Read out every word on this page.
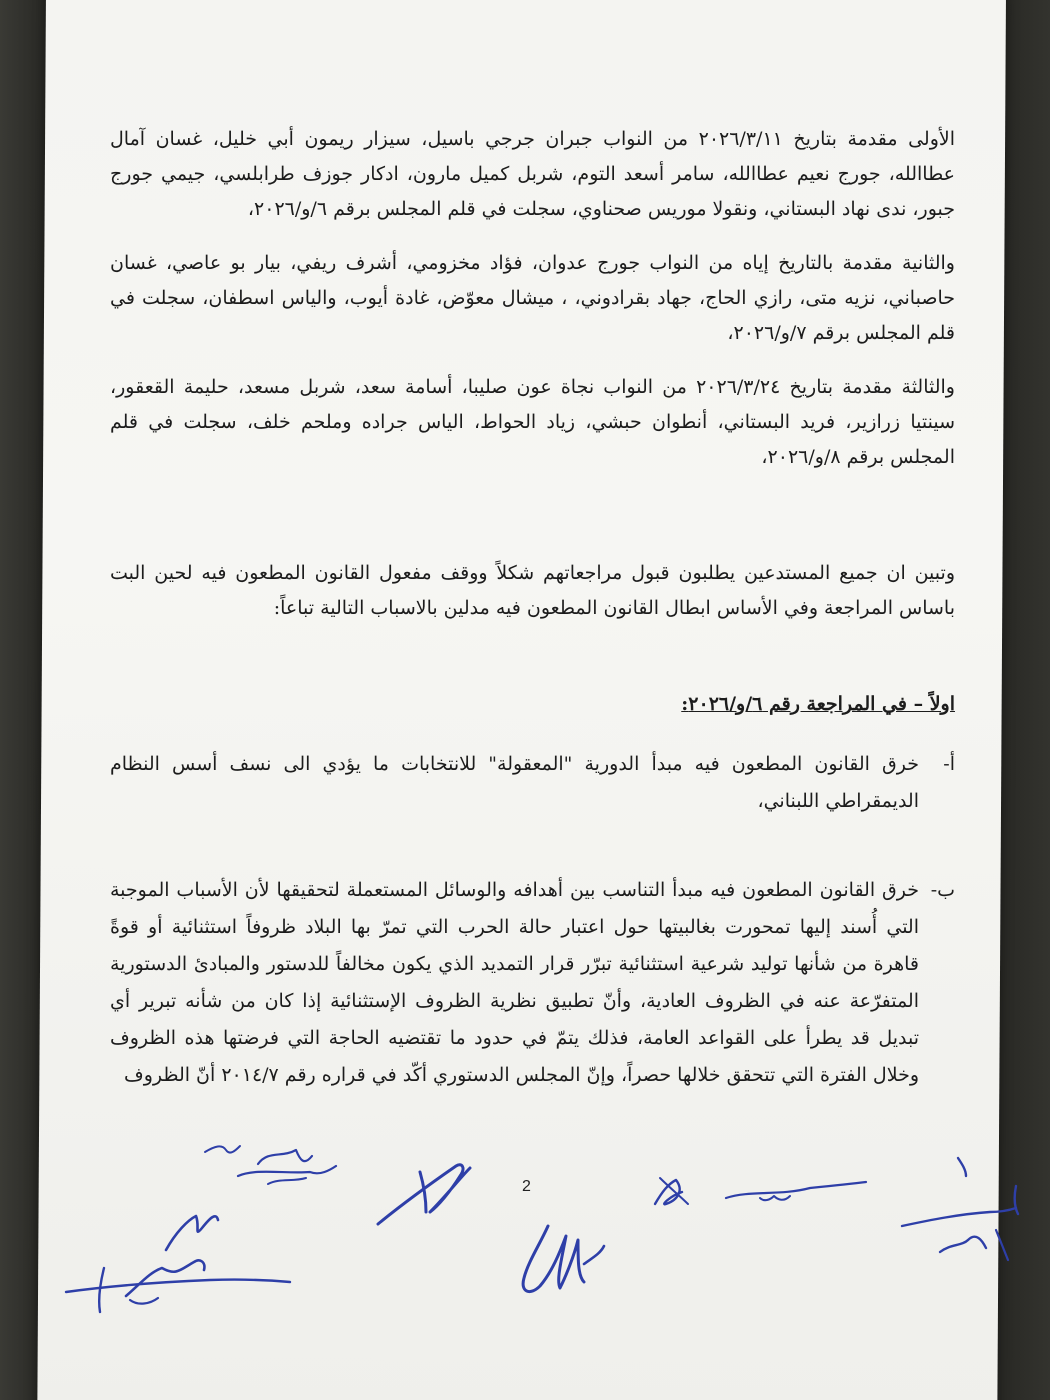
الأولى مقدمة بتاريخ ٢٠٢٦/٣/١١ من النواب جبران جرجي باسيل، سيزار ريمون أبي خليل، غسان آمال عطاالله، جورج نعيم عطاالله، سامر أسعد التوم، شربل كميل مارون، ادكار جوزف طرابلسي، جيمي جورج جبور، ندى نهاد البستاني، ونقولا موريس صحناوي، سجلت في قلم المجلس برقم ٦/و/٢٠٢٦،

والثانية مقدمة بالتاريخ إياه من النواب جورج عدوان، فؤاد مخزومي، أشرف ريفي، بيار بو عاصي، غسان حاصباني، نزيه متى، رازي الحاج، جهاد بقرادوني، ، ميشال معوّض، غادة أيوب، والياس اسطفان، سجلت في قلم المجلس برقم ٧/و/٢٠٢٦،

والثالثة مقدمة بتاريخ ٢٠٢٦/٣/٢٤ من النواب نجاة عون صليبا، أسامة سعد، شربل مسعد، حليمة القعقور، سينتيا زرازير، فريد البستاني، أنطوان حبشي، زياد الحواط، الياس جراده وملحم خلف، سجلت في قلم المجلس برقم ٨/و/٢٠٢٦،

وتبين ان جميع المستدعين يطلبون قبول مراجعاتهم شكلاً ووقف مفعول القانون المطعون فيه لحين البت باساس المراجعة وفي الأساس ابطال القانون المطعون فيه مدلين بالاسباب التالية تباعاً:

اولاً – في المراجعة رقم ٦/و/٢٠٢٦:
أ-
خرق القانون المطعون فيه مبدأ الدورية "المعقولة" للانتخابات ما يؤدي الى نسف أسس النظام الديمقراطي اللبناني،
ب-
خرق القانون المطعون فيه مبدأ التناسب بين أهدافه والوسائل المستعملة لتحقيقها لأن الأسباب الموجبة التي أُسند إليها تمحورت بغالبيتها حول اعتبار حالة الحرب التي تمرّ بها البلاد ظروفاً استثنائية أو قوةً قاهرة من شأنها توليد شرعية استثنائية تبرّر قرار التمديد الذي يكون مخالفاً للدستور والمبادئ الدستورية المتفرّعة عنه في الظروف العادية، وأنّ تطبيق نظرية الظروف الإستثنائية إذا كان من شأنه تبرير أي تبديل قد يطرأ على القواعد العامة، فذلك يتمّ في حدود ما تقتضيه الحاجة التي فرضتها هذه الظروف وخلال الفترة التي تتحقق خلالها حصراً، وإنّ المجلس الدستوري أكّد في قراره رقم ٢٠١٤/٧ أنّ الظروف
2
